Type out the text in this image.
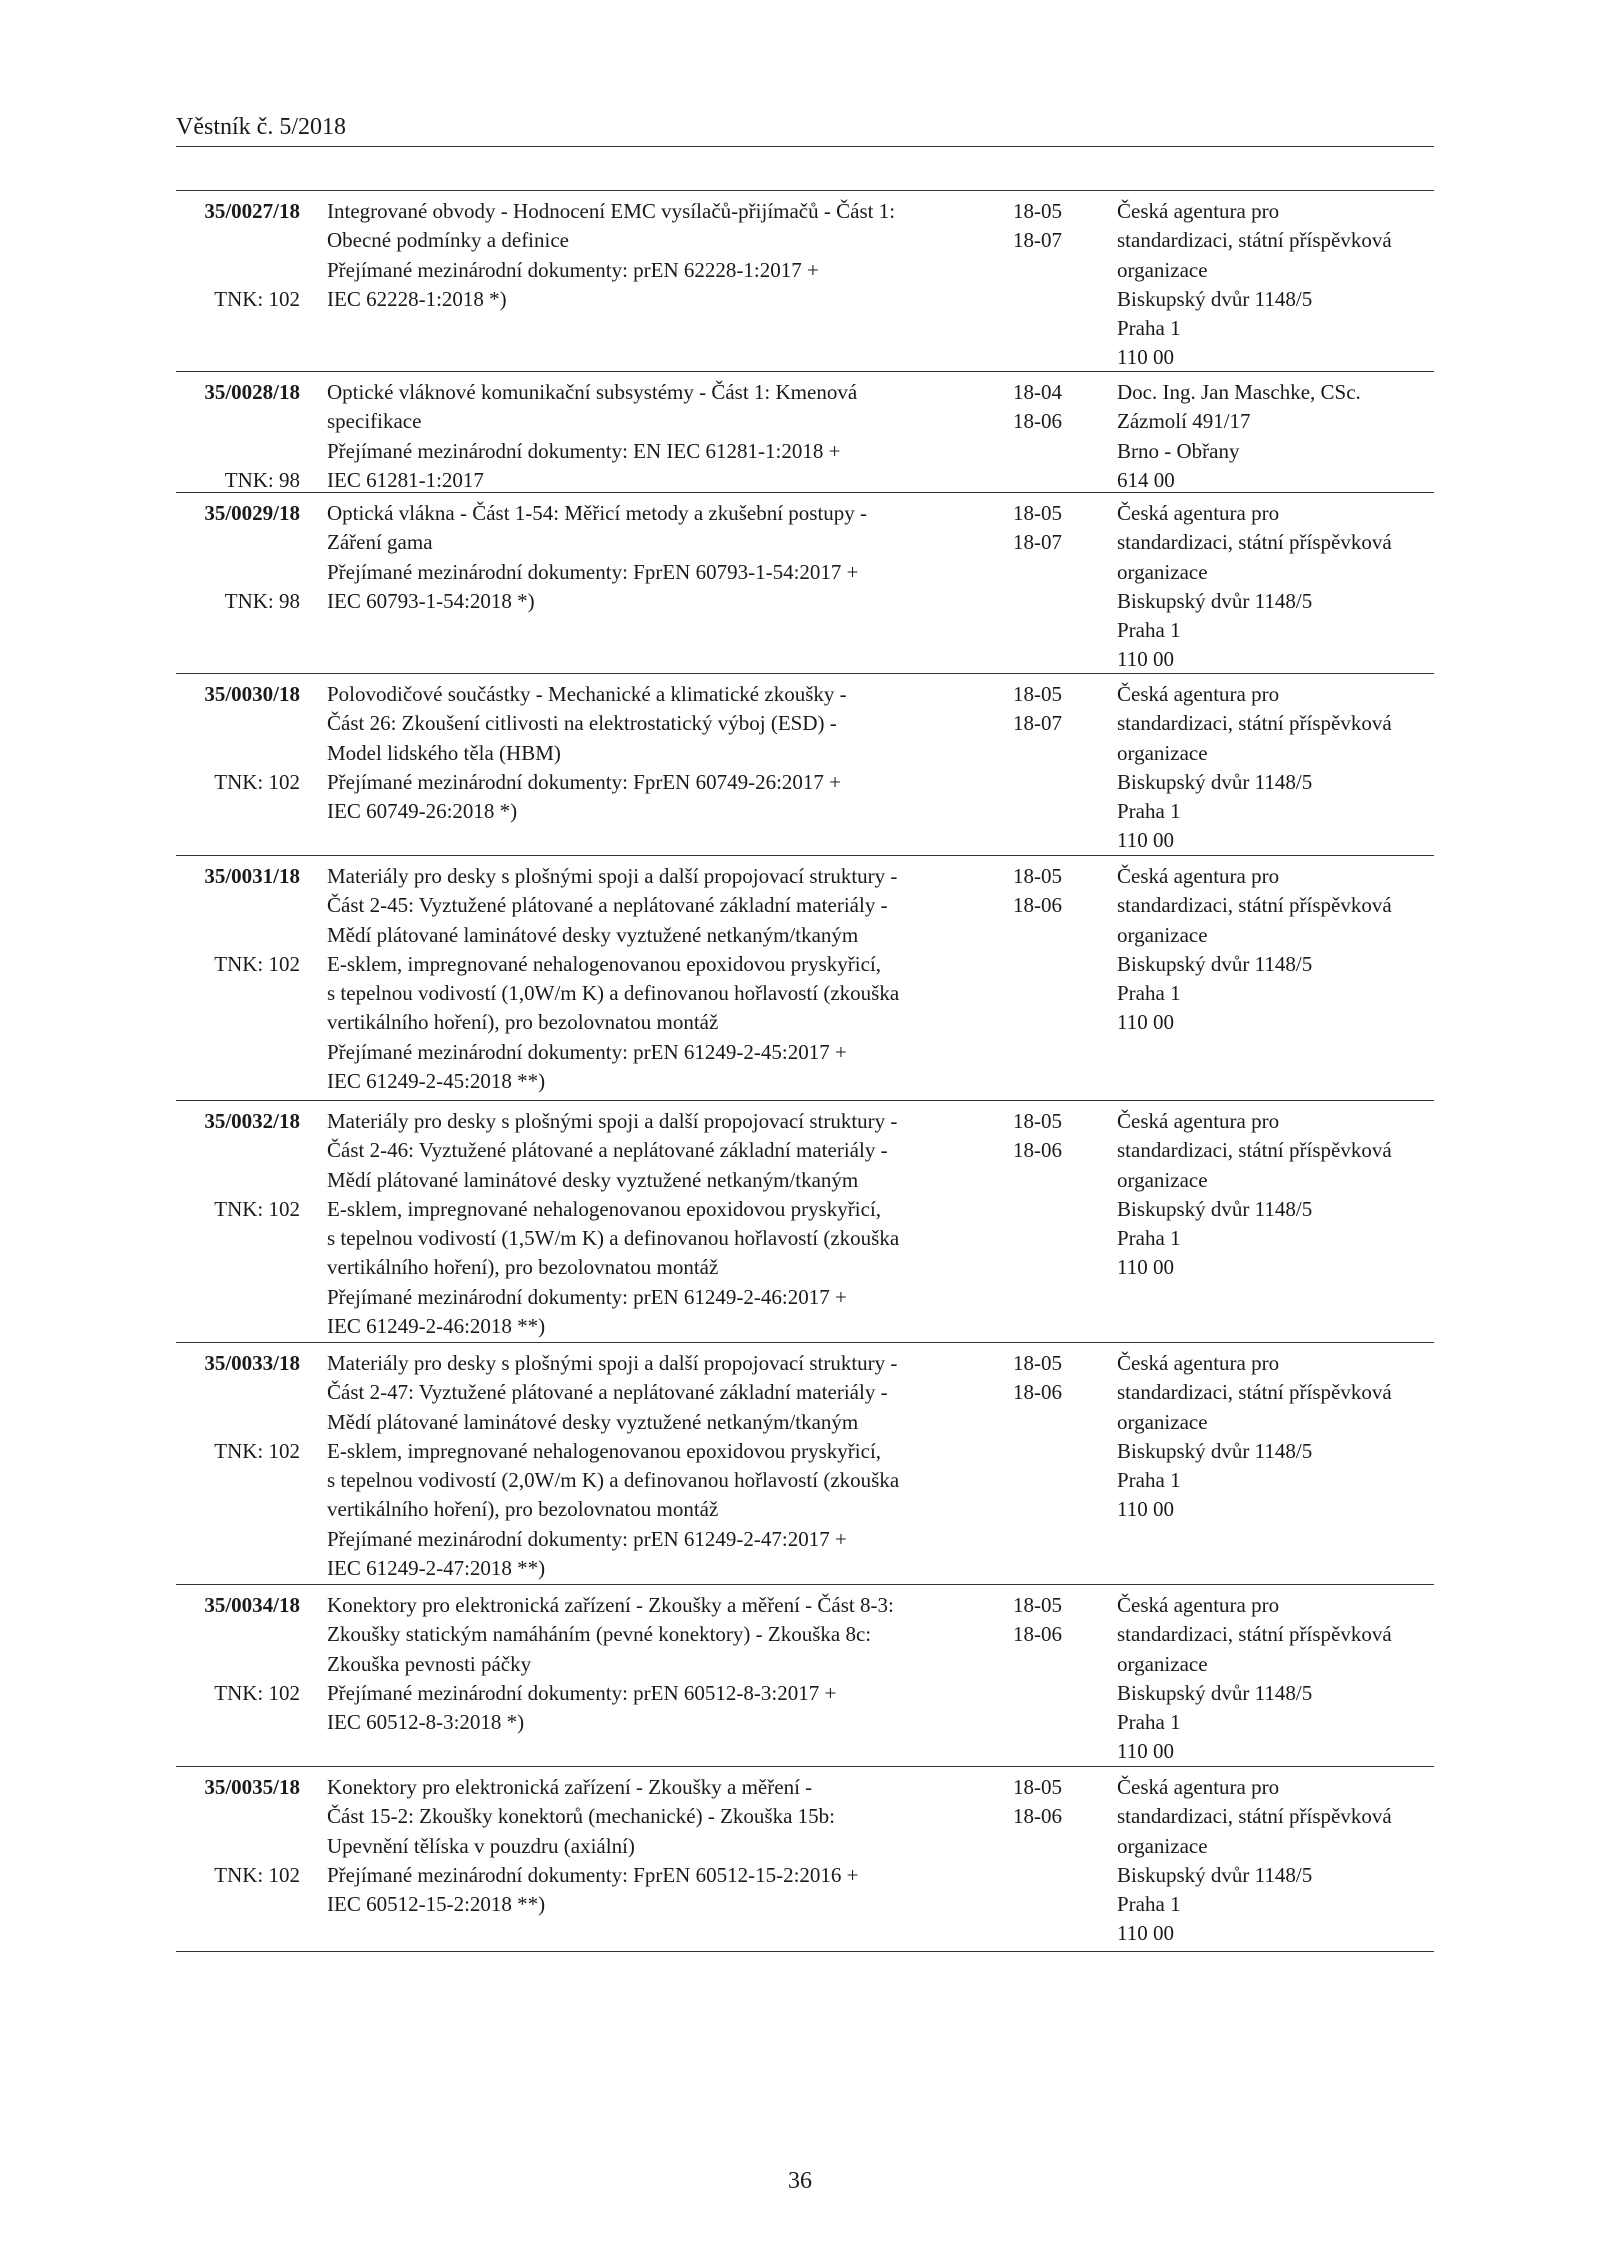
Věstník č. 5/2018
35/0027/18
TNK: 102
Integrované obvody - Hodnocení EMC vysílačů-přijímačů - Část 1:
Obecné podmínky a definice
Přejímané mezinárodní dokumenty: prEN 62228-1:2017 +
IEC 62228-1:2018 *)
18-05
18-07
Česká agentura pro
standardizaci, státní příspěvková
organizace
Biskupský dvůr 1148/5
Praha 1
110 00
35/0028/18
TNK: 98
Optické vláknové komunikační subsystémy - Část 1: Kmenová
specifikace
Přejímané mezinárodní dokumenty: EN IEC 61281-1:2018 +
IEC 61281-1:2017
18-04
18-06
Doc. Ing. Jan Maschke, CSc.
Zázmolí 491/17
Brno - Obřany
614 00
35/0029/18
TNK: 98
Optická vlákna - Část 1-54: Měřicí metody a zkušební postupy -
Záření gama
Přejímané mezinárodní dokumenty: FprEN 60793-1-54:2017 +
IEC 60793-1-54:2018 *)
18-05
18-07
Česká agentura pro
standardizaci, státní příspěvková
organizace
Biskupský dvůr 1148/5
Praha 1
110 00
35/0030/18
TNK: 102
Polovodičové součástky - Mechanické a klimatické zkoušky -
Část 26: Zkoušení citlivosti na elektrostatický výboj (ESD) -
Model lidského těla (HBM)
Přejímané mezinárodní dokumenty: FprEN 60749-26:2017 +
IEC 60749-26:2018 *)
18-05
18-07
Česká agentura pro
standardizaci, státní příspěvková
organizace
Biskupský dvůr 1148/5
Praha 1
110 00
35/0031/18
TNK: 102
Materiály pro desky s plošnými spoji a další propojovací struktury -
Část 2-45: Vyztužené plátované a neplátované základní materiály -
Mědí plátované laminátové desky vyztužené netkaným/tkaným
E-sklem, impregnované nehalogenovanou epoxidovou pryskyřicí,
s tepelnou vodivostí (1,0W/m K) a definovanou hořlavostí (zkouška
vertikálního hoření), pro bezolovnatou montáž
Přejímané mezinárodní dokumenty: prEN 61249-2-45:2017 +
IEC 61249-2-45:2018 **)
18-05
18-06
Česká agentura pro
standardizaci, státní příspěvková
organizace
Biskupský dvůr 1148/5
Praha 1
110 00
35/0032/18
TNK: 102
Materiály pro desky s plošnými spoji a další propojovací struktury -
Část 2-46: Vyztužené plátované a neplátované základní materiály -
Mědí plátované laminátové desky vyztužené netkaným/tkaným
E-sklem, impregnované nehalogenovanou epoxidovou pryskyřicí,
s tepelnou vodivostí (1,5W/m K) a definovanou hořlavostí (zkouška
vertikálního hoření), pro bezolovnatou montáž
Přejímané mezinárodní dokumenty: prEN 61249-2-46:2017 +
IEC 61249-2-46:2018 **)
18-05
18-06
Česká agentura pro
standardizaci, státní příspěvková
organizace
Biskupský dvůr 1148/5
Praha 1
110 00
35/0033/18
TNK: 102
Materiály pro desky s plošnými spoji a další propojovací struktury -
Část 2-47: Vyztužené plátované a neplátované základní materiály -
Mědí plátované laminátové desky vyztužené netkaným/tkaným
E-sklem, impregnované nehalogenovanou epoxidovou pryskyřicí,
s tepelnou vodivostí (2,0W/m K) a definovanou hořlavostí (zkouška
vertikálního hoření), pro bezolovnatou montáž
Přejímané mezinárodní dokumenty: prEN 61249-2-47:2017 +
IEC 61249-2-47:2018 **)
18-05
18-06
Česká agentura pro
standardizaci, státní příspěvková
organizace
Biskupský dvůr 1148/5
Praha 1
110 00
35/0034/18
TNK: 102
Konektory pro elektronická zařízení - Zkoušky a měření - Část 8-3:
Zkoušky statickým namáháním (pevné konektory) - Zkouška 8c:
Zkouška pevnosti páčky
Přejímané mezinárodní dokumenty: prEN 60512-8-3:2017 +
IEC 60512-8-3:2018 *)
18-05
18-06
Česká agentura pro
standardizaci, státní příspěvková
organizace
Biskupský dvůr 1148/5
Praha 1
110 00
35/0035/18
TNK: 102
Konektory pro elektronická zařízení - Zkoušky a měření -
Část 15-2: Zkoušky konektorů (mechanické) - Zkouška 15b:
Upevnění tělíska v pouzdru (axiální)
Přejímané mezinárodní dokumenty: FprEN 60512-15-2:2016 +
IEC 60512-15-2:2018 **)
18-05
18-06
Česká agentura pro
standardizaci, státní příspěvková
organizace
Biskupský dvůr 1148/5
Praha 1
110 00
36
